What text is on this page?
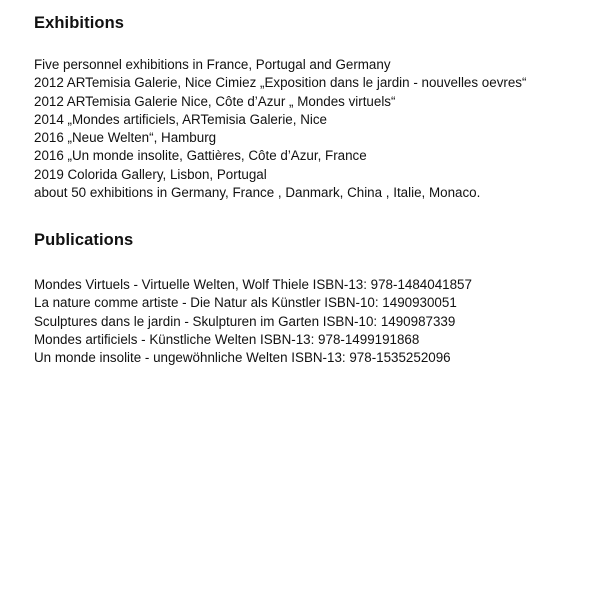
Exhibitions

Five personnel exhibitions in France, Portugal and Germany

2012 ARTemisia Galerie, Nice Cimiez „Exposition dans le jardin - nouvelles oevres“

2012 ARTemisia Galerie Nice, Côte d’Azur „ Mondes virtuels“

2014 „Mondes artificiels, ARTemisia Galerie, Nice

2016 „Neue Welten“, Hamburg

2016 „Un monde insolite, Gattières, Côte d’Azur, France

2019 Colorida Gallery, Lisbon, Portugal

about 50 exhibitions in Germany, France , Danmark, China , Italie, Monaco.

Publications

Mondes Virtuels - Virtuelle Welten, Wolf Thiele ISBN-13: 978-1484041857

La nature comme artiste - Die Natur als Künstler ISBN-10: 1490930051

Sculptures dans le jardin - Skulpturen im Garten ISBN-10: 1490987339

Mondes artificiels - Künstliche Welten ISBN-13: 978-1499191868

Un monde insolite - ungewöhnliche Welten ISBN-13: 978-1535252096
